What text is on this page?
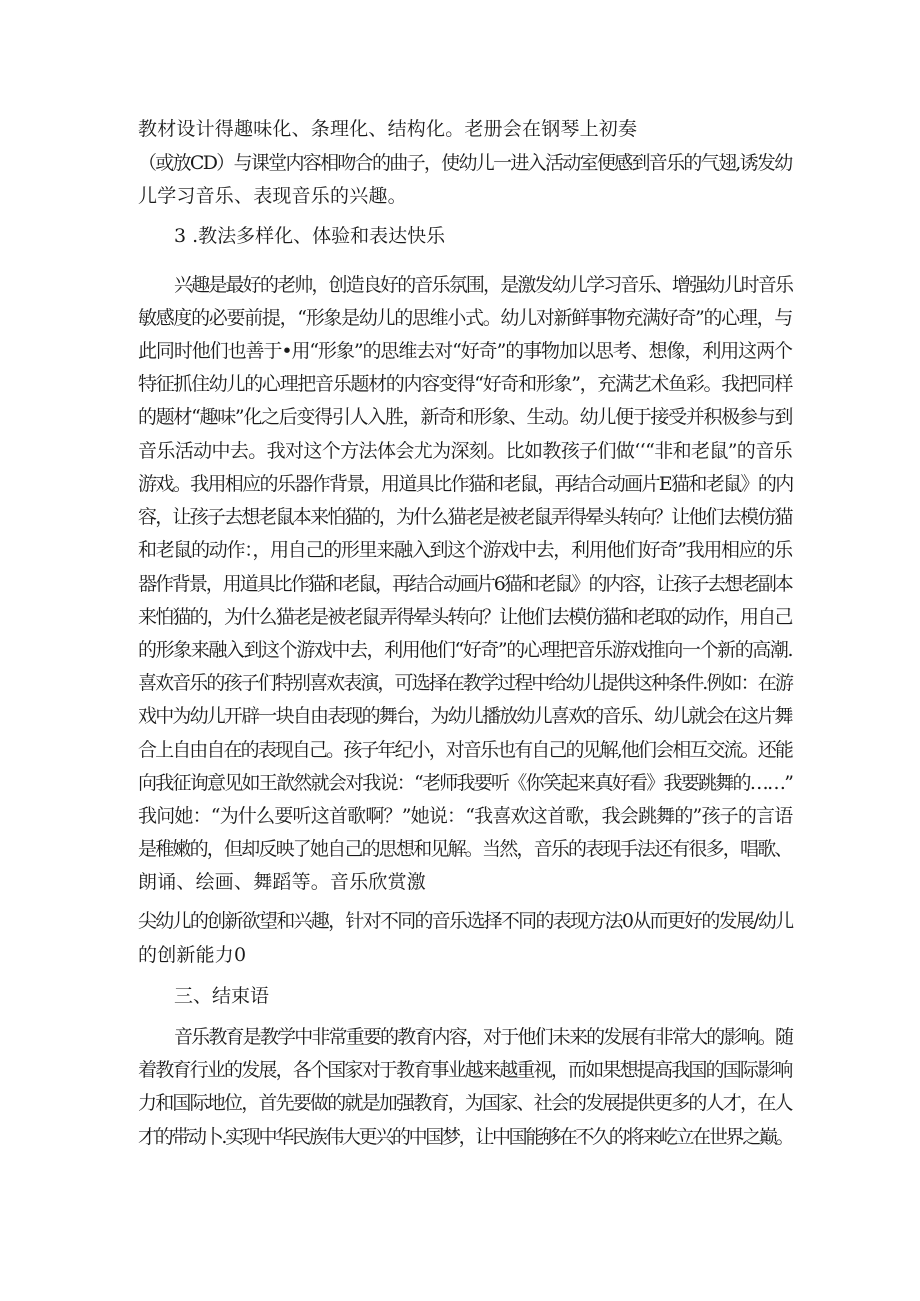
教材设计得趣味化、条理化、结构化。老册会在钢琴上初奏
（或放CD）与课堂内容相吻合的曲子，使幼儿一进入活动室便感到音乐的气翅,诱发幼
儿学习音乐、表现音乐的兴趣。
3 .教法多样化、体验和表达快乐
兴趣是最好的老帅，创造良好的音乐氛围，是激发幼儿学习音乐、增强幼儿时音乐
敏感度的必要前提，“形象是幼儿的思维小式。幼儿对新鲜事物充满好奇”的心理，与
此同时他们也善于•用“形象”的思维去对“好奇”的事物加以思考、想像，利用这两个
特征抓住幼儿的心理把音乐题材的内容变得“好奇和形象”，充满艺术鱼彩。我把同样
的题材“趣味”化之后变得引人入胜，新奇和形象、生动。幼儿便于接受并积极参与到
音乐活动中去。我对这个方法体会尤为深刻。比如教孩子们做‘‘“非和老鼠”的音乐
游戏。我用相应的乐器作背景，用道具比作猫和老鼠，再结合动画片E猫和老鼠》的内
容，让孩子去想老鼠本来怕猫的，为什么猫老是被老鼠弄得晕头转向？让他们去模仿猫
和老鼠的动作：，用自己的形里来融入到这个游戏中去，利用他们好奇”我用相应的乐
器作背景，用道具比作猫和老鼠，再结合动画片6猫和老鼠》的内容，让孩子去想老副本
来怕猫的，为什么猫老是被老鼠弄得晕头转向？让他们去模仿猫和老取的动作，用自己
的形象来融入到这个游戏中去，利用他们“好奇”的心理把音乐游戏推向一个新的高潮.
喜欢音乐的孩子们特别喜欢表演，可选择在教学过程中给幼儿提供这种条件.例如：在游
戏中为幼儿开辟一块自由表现的舞台，为幼儿播放幼儿喜欢的音乐、幼儿就会在这片舞
合上自由自在的表现自己。孩子年纪小，对音乐也有自己的见解,他们会相互交流。还能
向我征询意见如王歆然就会对我说：“老师我要听《你笑起来真好看》我要跳舞的……”
我问她：“为什么要听这首歌啊？”她说：“我喜欢这首歌，我会跳舞的”孩子的言语
是稚嫩的，但却反映了她自己的思想和见解。当然，音乐的表现手法还有很多，唱歌、
朗诵、绘画、舞蹈等。音乐欣赏激
尖幼儿的创新欲望和兴趣，针对不同的音乐选择不同的表现方法0从而更好的发展/幼儿
的创新能力0
三、结束语
音乐教育是教学中非常重要的教育内容，对于他们未来的发展有非常大的影响。随
着教育行业的发展，各个国家对于教育事业越来越重视，而如果想提高我国的国际影响
力和国际地位，首先要做的就是加强教育，为国家、社会的发展提供更多的人才，在人
才的带动卜.实现中华民族伟大更兴的中国梦，让中国能够在不久的将来屹立在世界之巅。
